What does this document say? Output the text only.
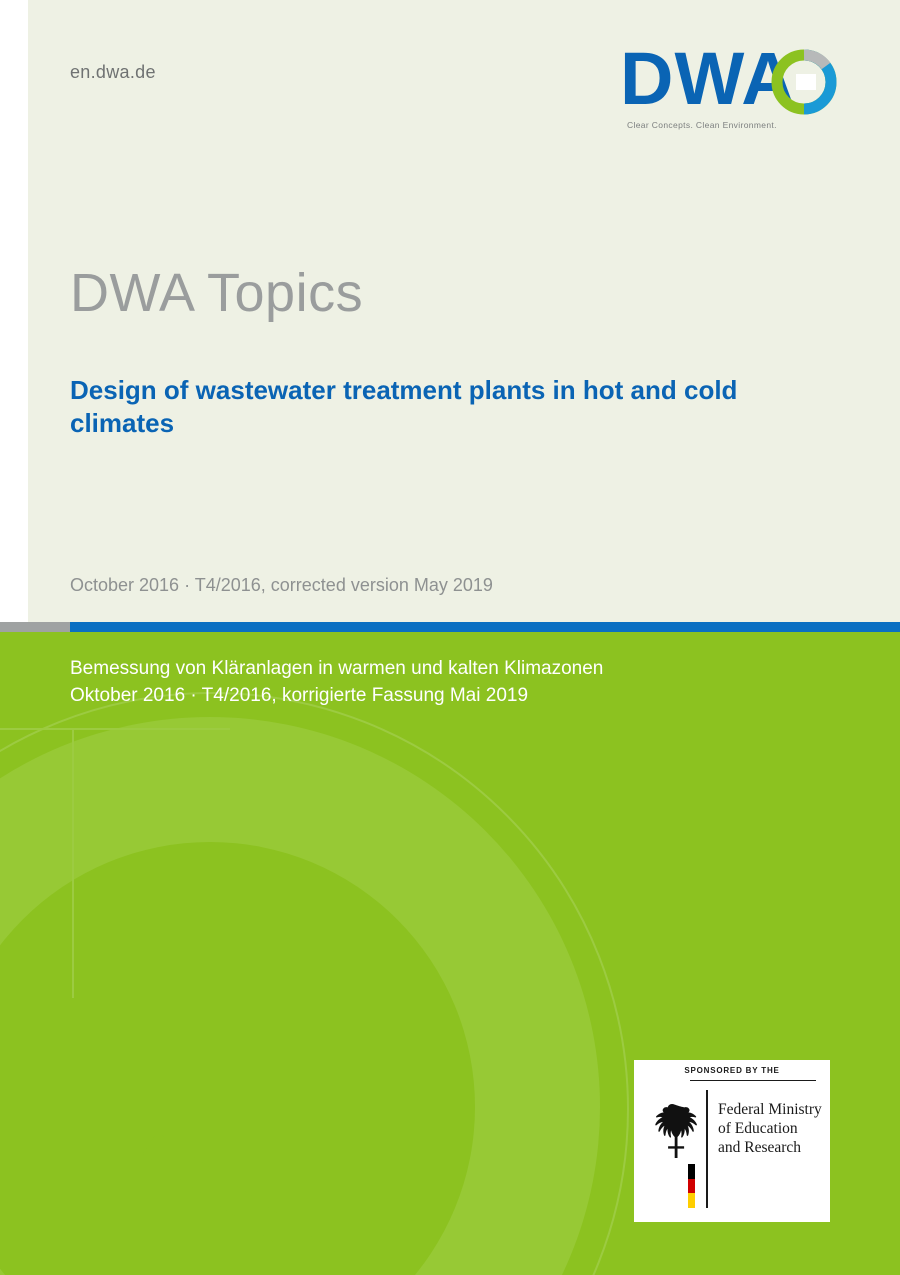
en.dwa.de	DWA
Clear Concepts. Clean Environment.
DWA Topics
Design of wastewater treatment plants in hot and cold climates
October 2016 · T4/2016, corrected version May 2019
Bemessung von Kläranlagen in warmen und kalten Klimazonen
Oktober 2016 · T4/2016, korrigierte Fassung Mai 2019
SPONSORED BY THE
Federal Ministry
of Education
and Research
